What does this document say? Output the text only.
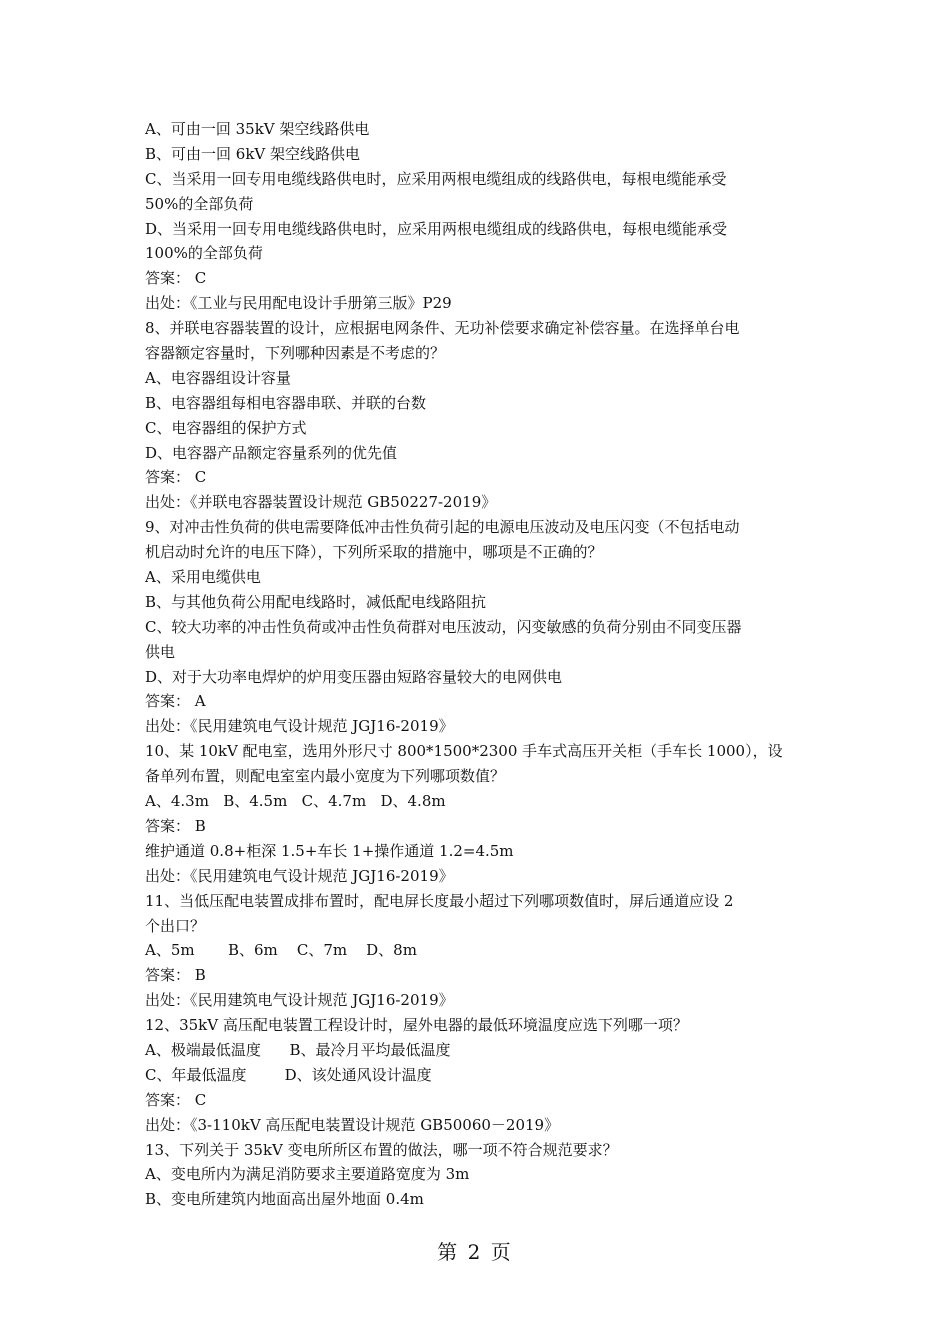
A、可由一回 35kV 架空线路供电
B、可由一回 6kV 架空线路供电
C、当采用一回专用电缆线路供电时，应采用两根电缆组成的线路供电，每根电缆能承受
50%的全部负荷
D、当采用一回专用电缆线路供电时，应采用两根电缆组成的线路供电，每根电缆能承受
100%的全部负荷
答案： C
出处：《工业与民用配电设计手册第三版》P29
8、并联电容器装置的设计，应根据电网条件、无功补偿要求确定补偿容量。在选择单台电
容器额定容量时，下列哪种因素是不考虑的？
A、电容器组设计容量
B、电容器组每相电容器串联、并联的台数
C、电容器组的保护方式
D、电容器产品额定容量系列的优先值
答案： C
出处：《并联电容器装置设计规范 GB50227-2019》
9、对冲击性负荷的供电需要降低冲击性负荷引起的电源电压波动及电压闪变（不包括电动
机启动时允许的电压下降），下列所采取的措施中，哪项是不正确的？
A、采用电缆供电
B、与其他负荷公用配电线路时，减低配电线路阻抗
C、较大功率的冲击性负荷或冲击性负荷群对电压波动，闪变敏感的负荷分别由不同变压器
供电
D、对于大功率电焊炉的炉用变压器由短路容量较大的电网供电
答案： A
出处：《民用建筑电气设计规范 JGJ16-2019》
10、某 10kV 配电室，选用外形尺寸 800*1500*2300 手车式高压开关柜（手车长 1000），设
备单列布置，则配电室室内最小宽度为下列哪项数值？
A、4.3m   B、4.5m   C、4.7m   D、4.8m
答案： B
维护通道 0.8+柜深 1.5+车长 1+操作通道 1.2=4.5m
出处：《民用建筑电气设计规范 JGJ16-2019》
11、当低压配电装置成排布置时，配电屏长度最小超过下列哪项数值时，屏后通道应设 2
个出口？
A、5m       B、6m    C、7m    D、8m
答案： B
出处：《民用建筑电气设计规范 JGJ16-2019》
12、35kV 高压配电装置工程设计时，屋外电器的最低环境温度应选下列哪一项？
A、极端最低温度      B、最冷月平均最低温度
C、年最低温度        D、该处通风设计温度
答案： C
出处：《3-110kV 高压配电装置设计规范 GB50060－2019》
13、下列关于 35kV 变电所所区布置的做法，哪一项不符合规范要求？
A、变电所内为满足消防要求主要道路宽度为 3m
B、变电所建筑内地面高出屋外地面 0.4m
第 2 页
